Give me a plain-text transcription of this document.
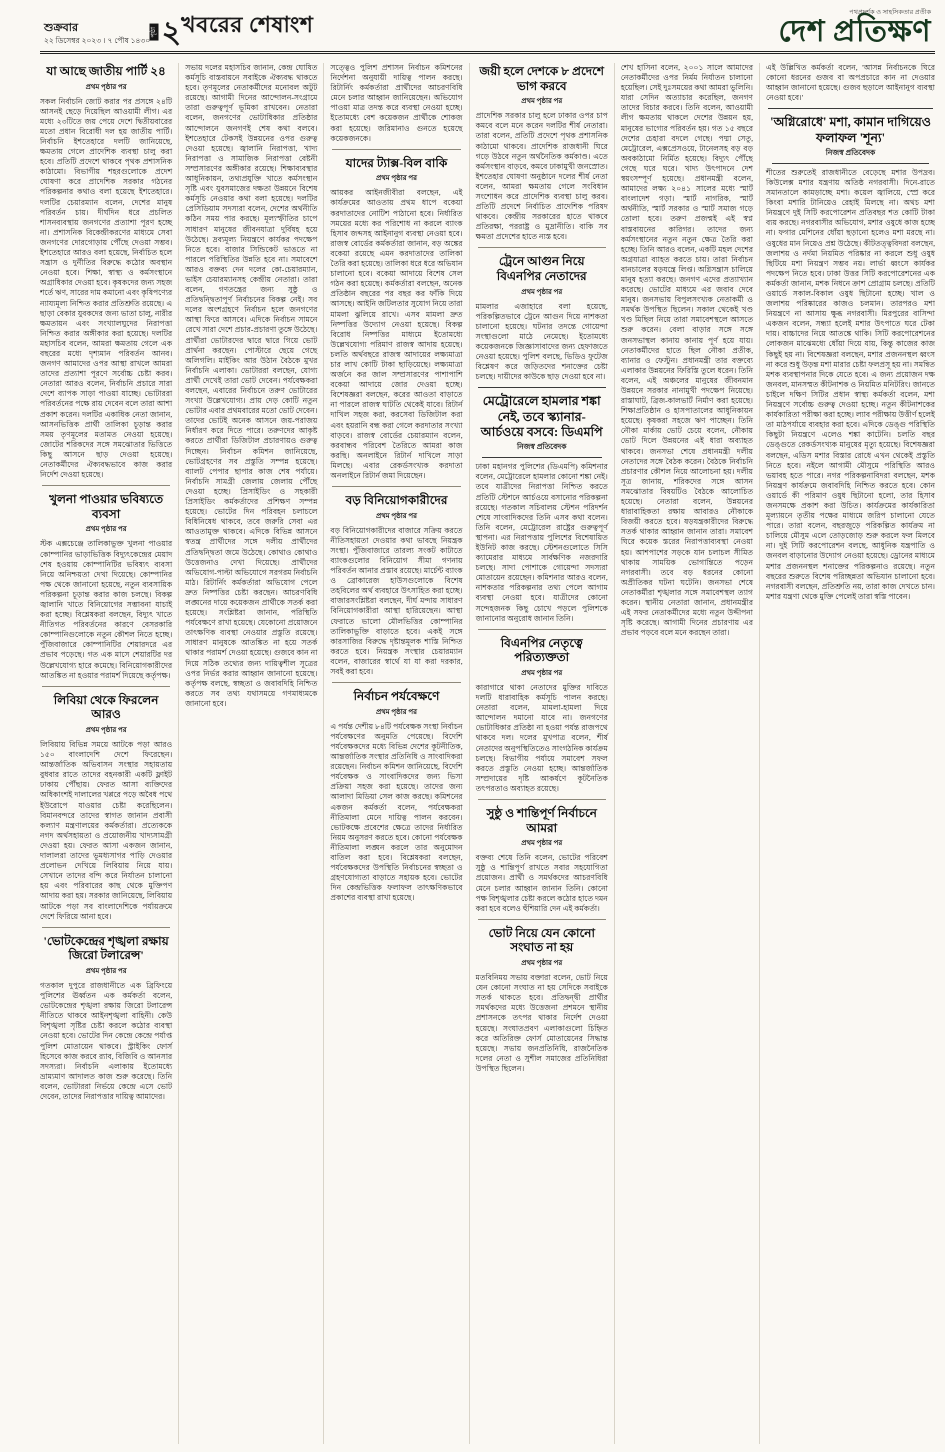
শুক্রবার
২২ ডিসেম্বর ২০২৩ । ৭ পৌষ ১৪৩০
পৃষ্ঠা ২ খবরের শেষাংশ	পথপ্রদর্শক ও সাহসিকতার প্রতীক
দেশ প্রতিক্ষণ
যা আছে জাতীয় পার্টি ২৪
প্রথম পৃষ্ঠার পর
সকল নির্বাচনি জোট করার পর প্রসঙ্গে ২৪টি আসনই ছেড়ে দিয়েছিল আওয়ামী লীগ। এর মধ্যে ২৩টিতে জয় পেয়ে দেশে দ্বিতীয়বারের মতো প্রধান বিরোধী দল হয় জাতীয় পার্টি। নির্বাচনি ইশতেহারে দলটি জানিয়েছে, ক্ষমতায় গেলে প্রাদেশিক ব্যবস্থা চালু করা হবে। প্রতিটি প্রদেশে থাকবে পৃথক প্রশাসনিক কাঠামো। বিভাগীয় শহরগুলোকে প্রদেশ ঘোষণা করে প্রাদেশিক সরকার গঠনের পরিকল্পনার কথাও বলা হয়েছে ইশতেহারে। দলটির চেয়ারম্যান বলেন, দেশের মানুষ পরিবর্তন চায়। দীর্ঘদিন ধরে প্রচলিত শাসনব্যবস্থায় জনগণের প্রত্যাশা পূরণ হচ্ছে না। প্রশাসনিক বিকেন্দ্রীকরণের মাধ্যমে সেবা জনগণের দোরগোড়ায় পৌঁছে দেওয়া সম্ভব। ইশতেহারে আরও বলা হয়েছে, নির্বাচিত হলে সন্ত্রাস ও দুর্নীতির বিরুদ্ধে কঠোর অবস্থান নেওয়া হবে। শিক্ষা, স্বাস্থ্য ও কর্মসংস্থানে অগ্রাধিকার দেওয়া হবে। কৃষকদের জন্য সহজ শর্তে ঋণ, সারের দাম কমানো এবং কৃষিপণ্যের ন্যায্যমূল্য নিশ্চিত করার প্রতিশ্রুতি রয়েছে। এ ছাড়া বেকার যুবকদের জন্য ভাতা চালু, নারীর ক্ষমতায়ন এবং সংখ্যালঘুদের নিরাপত্তা নিশ্চিত করার অঙ্গীকার করা হয়েছে। দলটির মহাসচিব বলেন, আমরা ক্ষমতায় গেলে এক বছরের মধ্যে দৃশ্যমান পরিবর্তন আনব। জনগণ আমাদের ওপর আস্থা রাখলে আমরা তাদের প্রত্যাশা পূরণে সর্বোচ্চ চেষ্টা করব। নেতারা আরও বলেন, নির্বাচনি প্রচারে সারা দেশে ব্যাপক সাড়া পাওয়া যাচ্ছে। ভোটাররা পরিবর্তনের পক্ষে রায় দেবেন বলে তারা আশা প্রকাশ করেন। দলটির একাধিক নেতা জানান, আসনভিত্তিক প্রার্থী তালিকা চূড়ান্ত করার সময় তৃণমূলের মতামত নেওয়া হয়েছে। জোটের শরিকদের সঙ্গে সমঝোতার ভিত্তিতে কিছু আসনে ছাড় দেওয়া হয়েছে। নেতাকর্মীদের ঐক্যবদ্ধভাবে কাজ করার নির্দেশ দেওয়া হয়েছে।
খুলনা পাওয়ার ভবিষ্যতে ব্যবসা
প্রথম পৃষ্ঠার পর
স্টক এক্সচেঞ্জে তালিকাভুক্ত খুলনা পাওয়ার কোম্পানির ভাড়াভিত্তিক বিদ্যুৎকেন্দ্রের মেয়াদ শেষ হওয়ায় কোম্পানিটির ভবিষ্যৎ ব্যবসা নিয়ে অনিশ্চয়তা দেখা দিয়েছে। কোম্পানির পক্ষ থেকে জানানো হয়েছে, নতুন ব্যবসায়িক পরিকল্পনা চূড়ান্ত করার কাজ চলছে। বিকল্প জ্বালানি খাতে বিনিয়োগের সম্ভাবনা যাচাই করা হচ্ছে। বিশ্লেষকরা বলছেন, বিদ্যুৎ খাতে নীতিগত পরিবর্তনের কারণে বেসরকারি কোম্পানিগুলোকে নতুন কৌশল নিতে হচ্ছে। পুঁজিবাজারে কোম্পানিটির শেয়ারদরে এর প্রভাব পড়েছে। গত এক মাসে শেয়ারটির দর উল্লেখযোগ্য হারে কমেছে। বিনিয়োগকারীদের আতঙ্কিত না হওয়ার পরামর্শ দিয়েছে কর্তৃপক্ষ।
লিবিয়া থেকে ফিরলেন আরও
প্রথম পৃষ্ঠার পর
লিবিয়ায় বিভিন্ন সময়ে আটকে পড়া আরও ১৫০ বাংলাদেশি দেশে ফিরেছেন। আন্তর্জাতিক অভিবাসন সংস্থার সহায়তায় বুধবার রাতে তাদের বহনকারী একটি ফ্লাইট ঢাকায় পৌঁছায়। ফেরত আসা ব্যক্তিদের অধিকাংশই দালালের খপ্পরে পড়ে অবৈধ পথে ইউরোপে যাওয়ার চেষ্টা করেছিলেন। বিমানবন্দরে তাদের স্বাগত জানান প্রবাসী কল্যাণ মন্ত্রণালয়ের কর্মকর্তারা। প্রত্যেককে নগদ অর্থসহায়তা ও প্রয়োজনীয় খাদ্যসামগ্রী দেওয়া হয়। ফেরত আসা একজন জানান, দালালরা তাদের ভূমধ্যসাগর পাড়ি দেওয়ার প্রলোভন দেখিয়ে লিবিয়ায় নিয়ে যায়। সেখানে তাদের বন্দি করে নির্যাতন চালানো হয় এবং পরিবারের কাছ থেকে মুক্তিপণ আদায় করা হয়। সরকার জানিয়েছে, লিবিয়ায় আটকে পড়া সব বাংলাদেশিকে পর্যায়ক্রমে দেশে ফিরিয়ে আনা হবে।
'ভোটকেন্দ্রের শৃঙ্খলা রক্ষায় জিরো টলারেন্স'
প্রথম পৃষ্ঠার পর
গতকাল দুপুরে রাজধানীতে এক ব্রিফিংয়ে পুলিশের ঊর্ধ্বতন এক কর্মকর্তা বলেন, ভোটকেন্দ্রের শৃঙ্খলা রক্ষায় জিরো টলারেন্স নীতিতে থাকবে আইনশৃঙ্খলা বাহিনী। কেউ বিশৃঙ্খলা সৃষ্টির চেষ্টা করলে কঠোর ব্যবস্থা নেওয়া হবে। ভোটের দিন কেন্দ্রে কেন্দ্রে পর্যাপ্ত পুলিশ মোতায়েন থাকবে। স্ট্রাইকিং ফোর্স হিসেবে কাজ করবে র‍্যাব, বিজিবি ও আনসার সদস্যরা। নির্বাচনি এলাকায় ইতোমধ্যে ভ্রাম্যমাণ আদালত কাজ শুরু করেছে। তিনি বলেন, ভোটাররা নির্ভয়ে কেন্দ্রে এসে ভোট দেবেন, তাদের নিরাপত্তার দায়িত্ব আমাদের।
সভায় দলের মহাসচিব জানান, কেন্দ্র ঘোষিত কর্মসূচি বাস্তবায়নে সবাইকে ঐক্যবদ্ধ থাকতে হবে। তৃণমূলের নেতাকর্মীদের মনোবল অটুট রয়েছে। আগামী দিনের আন্দোলন-সংগ্রামে তারা গুরুত্বপূর্ণ ভূমিকা রাখবেন। নেতারা বলেন, জনগণের ভোটাধিকার প্রতিষ্ঠার আন্দোলনে জনগণই শেষ কথা বলবে। ইশতেহারে টেকসই উন্নয়নের ওপর গুরুত্ব দেওয়া হয়েছে। জ্বালানি নিরাপত্তা, খাদ্য নিরাপত্তা ও সামাজিক নিরাপত্তা বেষ্টনী সম্প্রসারণের অঙ্গীকার রয়েছে। শিক্ষাব্যবস্থার আধুনিকায়ন, তথ্যপ্রযুক্তি খাতে কর্মসংস্থান সৃষ্টি এবং যুবসমাজের দক্ষতা উন্নয়নে বিশেষ কর্মসূচি নেওয়ার কথা বলা হয়েছে। দলটির প্রেসিডিয়াম সদস্যরা বলেন, দেশের অর্থনীতি কঠিন সময় পার করছে। মূল্যস্ফীতির চাপে সাধারণ মানুষের জীবনযাত্রা দুর্বিষহ হয়ে উঠেছে। দ্রব্যমূল্য নিয়ন্ত্রণে কার্যকর পদক্ষেপ নিতে হবে। বাজার সিন্ডিকেট ভাঙতে না পারলে পরিস্থিতির উন্নতি হবে না। সমাবেশে আরও বক্তব্য দেন দলের কো-চেয়ারম্যান, ভাইস চেয়ারম্যানসহ কেন্দ্রীয় নেতারা। তারা বলেন, গণতন্ত্রের জন্য সুষ্ঠু ও প্রতিদ্বন্দ্বিতাপূর্ণ নির্বাচনের বিকল্প নেই। সব দলের অংশগ্রহণে নির্বাচন হলে জনগণের আস্থা ফিরে আসবে। এদিকে নির্বাচন সামনে রেখে সারা দেশে প্রচার-প্রচারণা তুঙ্গে উঠেছে। প্রার্থীরা ভোটারদের দ্বারে দ্বারে গিয়ে ভোট প্রার্থনা করছেন। পোস্টারে ছেয়ে গেছে অলিগলি। মাইকিং আর উঠান বৈঠকে মুখর নির্বাচনি এলাকা। ভোটাররা বলছেন, যোগ্য প্রার্থী দেখেই তারা ভোট দেবেন। পর্যবেক্ষকরা বলছেন, এবারের নির্বাচনে তরুণ ভোটারের সংখ্যা উল্লেখযোগ্য। প্রায় দেড় কোটি নতুন ভোটার এবার প্রথমবারের মতো ভোট দেবেন। তাদের ভোটই অনেক আসনে জয়-পরাজয় নির্ধারণ করে দিতে পারে। তরুণদের আকৃষ্ট করতে প্রার্থীরা ডিজিটাল প্রচারণায়ও গুরুত্ব দিচ্ছেন। নির্বাচন কমিশন জানিয়েছে, ভোটগ্রহণের সব প্রস্তুতি সম্পন্ন হয়েছে। ব্যালট পেপার ছাপার কাজ শেষ পর্যায়ে। নির্বাচনি সামগ্রী জেলায় জেলায় পৌঁছে দেওয়া হচ্ছে। প্রিসাইডিং ও সহকারী প্রিসাইডিং কর্মকর্তাদের প্রশিক্ষণ সম্পন্ন হয়েছে। ভোটের দিন পরিবহন চলাচলে বিধিনিষেধ থাকবে, তবে জরুরি সেবা এর আওতামুক্ত থাকবে। এদিকে বিভিন্ন আসনে স্বতন্ত্র প্রার্থীদের সঙ্গে দলীয় প্রার্থীদের প্রতিদ্বন্দ্বিতা জমে উঠেছে। কোথাও কোথাও উত্তেজনাও দেখা দিয়েছে। প্রার্থীদের অভিযোগ-পাল্টা অভিযোগে সরগরম নির্বাচনি মাঠ। রিটার্নিং কর্মকর্তারা অভিযোগ পেলে দ্রুত নিষ্পত্তির চেষ্টা করছেন। আচরণবিধি লঙ্ঘনের দায়ে কয়েকজন প্রার্থীকে সতর্ক করা হয়েছে। সংশ্লিষ্টরা জানান, পরিস্থিতি পর্যবেক্ষণে রাখা হয়েছে। যেকোনো প্রয়োজনে তাৎক্ষণিক ব্যবস্থা নেওয়ার প্রস্তুতি রয়েছে। সাধারণ মানুষকে আতঙ্কিত না হয়ে সতর্ক থাকার পরামর্শ দেওয়া হয়েছে। গুজবে কান না দিয়ে সঠিক তথ্যের জন্য দায়িত্বশীল সূত্রের ওপর নির্ভর করার আহ্বান জানানো হয়েছে। কর্তৃপক্ষ বলছে, স্বচ্ছতা ও জবাবদিহি নিশ্চিত করতে সব তথ্য যথাসময়ে গণমাধ্যমকে জানানো হবে।
সত্ত্বেও পুলিশ প্রশাসন নির্বাচন কমিশনের নির্দেশনা অনুযায়ী দায়িত্ব পালন করছে। রিটার্নিং কর্মকর্তারা প্রার্থীদের আচরণবিধি মেনে চলার আহ্বান জানিয়েছেন। অভিযোগ পাওয়া মাত্র তদন্ত করে ব্যবস্থা নেওয়া হচ্ছে। ইতোমধ্যে বেশ কয়েকজন প্রার্থীকে শোকজ করা হয়েছে। জরিমানাও গুনতে হয়েছে কয়েকজনকে।
যাদের ট্যাক্স-বিল বাকি
প্রথম পৃষ্ঠার পর
আয়কর আইনজীবীরা বলছেন, এই কার্যক্রমের আওতায় প্রথম ধাপে বকেয়া করদাতাদের নোটিশ পাঠানো হবে। নির্ধারিত সময়ের মধ্যে কর পরিশোধ না করলে ব্যাংক হিসাব জব্দসহ আইনানুগ ব্যবস্থা নেওয়া হবে। রাজস্ব বোর্ডের কর্মকর্তারা জানান, বড় অঙ্কের বকেয়া রয়েছে এমন করদাতাদের তালিকা তৈরি করা হয়েছে। তালিকা ধরে ধরে অভিযান চালানো হবে। বকেয়া আদায়ে বিশেষ সেল গঠন করা হয়েছে। কর্মকর্তারা বলছেন, অনেক প্রতিষ্ঠান বছরের পর বছর কর ফাঁকি দিয়ে আসছে। আইনি জটিলতার সুযোগ নিয়ে তারা মামলা ঝুলিয়ে রাখে। এসব মামলা দ্রুত নিষ্পত্তির উদ্যোগ নেওয়া হয়েছে। বিকল্প বিরোধ নিষ্পত্তির মাধ্যমে ইতোমধ্যে উল্লেখযোগ্য পরিমাণ রাজস্ব আদায় হয়েছে। চলতি অর্থবছরে রাজস্ব আদায়ের লক্ষ্যমাত্রা চার লাখ কোটি টাকা ছাড়িয়েছে। লক্ষ্যমাত্রা অর্জনে কর জাল সম্প্রসারণের পাশাপাশি বকেয়া আদায়ে জোর দেওয়া হচ্ছে। বিশেষজ্ঞরা বলছেন, করের আওতা বাড়াতে না পারলে রাজস্ব ঘাটতি থেকেই যাবে। রিটার্ন দাখিল সহজ করা, করসেবা ডিজিটাল করা এবং হয়রানি বন্ধ করা গেলে করদাতার সংখ্যা বাড়বে। রাজস্ব বোর্ডের চেয়ারম্যান বলেন, করবান্ধব পরিবেশ তৈরিতে আমরা কাজ করছি। অনলাইনে রিটার্ন দাখিলে সাড়া মিলছে। এবার রেকর্ডসংখ্যক করদাতা অনলাইনে রিটার্ন জমা দিয়েছেন।
বড় বিনিয়োগকারীদের
প্রথম পৃষ্ঠার পর
বড় বিনিয়োগকারীদের বাজারে সক্রিয় করতে নীতিসহায়তা দেওয়ার কথা ভাবছে নিয়ন্ত্রক সংস্থা। পুঁজিবাজারে তারল্য সংকট কাটাতে ব্যাংকগুলোর বিনিয়োগ সীমা গণনায় পরিবর্তন আনার প্রস্তাব রয়েছে। মার্চেন্ট ব্যাংক ও ব্রোকারেজ হাউসগুলোকে বিশেষ তহবিলের অর্থ ব্যবহারে উৎসাহিত করা হচ্ছে। বাজারসংশ্লিষ্টরা বলছেন, দীর্ঘ মন্দায় সাধারণ বিনিয়োগকারীরা আস্থা হারিয়েছেন। আস্থা ফেরাতে ভালো মৌলভিত্তির কোম্পানির তালিকাভুক্তি বাড়াতে হবে। একই সঙ্গে কারসাজির বিরুদ্ধে দৃষ্টান্তমূলক শাস্তি নিশ্চিত করতে হবে। নিয়ন্ত্রক সংস্থার চেয়ারম্যান বলেন, বাজারের স্বার্থে যা যা করা দরকার, সবই করা হবে।
নির্বাচন পর্যবেক্ষণে
প্রথম পৃষ্ঠার পর
এ পর্যন্ত দেশীয় ৮৪টি পর্যবেক্ষক সংস্থা নির্বাচন পর্যবেক্ষণের অনুমতি পেয়েছে। বিদেশি পর্যবেক্ষকদের মধ্যে বিভিন্ন দেশের কূটনীতিক, আন্তর্জাতিক সংস্থার প্রতিনিধি ও সাংবাদিকরা রয়েছেন। নির্বাচন কমিশন জানিয়েছে, বিদেশি পর্যবেক্ষক ও সাংবাদিকদের জন্য ভিসা প্রক্রিয়া সহজ করা হয়েছে। তাদের জন্য আলাদা মিডিয়া সেল কাজ করছে। কমিশনের একজন কর্মকর্তা বলেন, পর্যবেক্ষকরা নীতিমালা মেনে দায়িত্ব পালন করবেন। ভোটকক্ষে প্রবেশের ক্ষেত্রে তাদের নির্ধারিত নিয়ম অনুসরণ করতে হবে। কোনো পর্যবেক্ষক নীতিমালা লঙ্ঘন করলে তার অনুমোদন বাতিল করা হবে। বিশ্লেষকরা বলছেন, পর্যবেক্ষকদের উপস্থিতি নির্বাচনের স্বচ্ছতা ও গ্রহণযোগ্যতা বাড়াতে সহায়ক হবে। ভোটের দিন কেন্দ্রভিত্তিক ফলাফল তাৎক্ষণিকভাবে প্রকাশের ব্যবস্থা রাখা হয়েছে।
জয়ী হলে দেশকে ৮ প্রদেশে ভাগ করবে
প্রথম পৃষ্ঠার পর
প্রাদেশিক সরকার চালু হলে ঢাকার ওপর চাপ কমবে বলে মনে করেন দলটির শীর্ষ নেতারা। তারা বলেন, প্রতিটি প্রদেশে পৃথক প্রশাসনিক কাঠামো থাকবে। প্রাদেশিক রাজধানী ঘিরে গড়ে উঠবে নতুন অর্থনৈতিক কর্মকাণ্ড। এতে কর্মসংস্থান বাড়বে, কমবে ঢাকামুখী জনস্রোত। ইশতেহার ঘোষণা অনুষ্ঠানে দলের শীর্ষ নেতা বলেন, আমরা ক্ষমতায় গেলে সংবিধান সংশোধন করে প্রাদেশিক ব্যবস্থা চালু করব। প্রতিটি প্রদেশে নির্বাচিত প্রাদেশিক পরিষদ থাকবে। কেন্দ্রীয় সরকারের হাতে থাকবে প্রতিরক্ষা, পররাষ্ট্র ও মুদ্রানীতি। বাকি সব ক্ষমতা প্রদেশের হাতে ন্যস্ত হবে।
ট্রেনে আগুন নিয়ে বিএনপির নেতাদের
প্রথম পৃষ্ঠার পর
মামলার এজাহারে বলা হয়েছে, পরিকল্পিতভাবে ট্রেনে আগুন দিয়ে নাশকতা চালানো হয়েছে। ঘটনার তদন্তে গোয়েন্দা সংস্থাগুলো মাঠে নেমেছে। ইতোমধ্যে কয়েকজনকে জিজ্ঞাসাবাদের জন্য হেফাজতে নেওয়া হয়েছে। পুলিশ বলছে, ভিডিও ফুটেজ বিশ্লেষণ করে জড়িতদের শনাক্তের চেষ্টা চলছে। দায়ীদের কাউকে ছাড় দেওয়া হবে না।
মেট্রোরেলে হামলার শঙ্কা নেই, তবে স্ক্যানার-আর্চওয়ে বসবে: ডিএমপি
নিজস্ব প্রতিবেদক
ঢাকা মহানগর পুলিশের (ডিএমপি) কমিশনার বলেন, মেট্রোরেলে হামলার কোনো শঙ্কা নেই। তবে যাত্রীদের নিরাপত্তা নিশ্চিত করতে প্রতিটি স্টেশনে আর্চওয়ে বসানোর পরিকল্পনা রয়েছে। গতকাল সচিবালয় স্টেশন পরিদর্শন শেষে সাংবাদিকদের তিনি এসব কথা বলেন। তিনি বলেন, মেট্রোরেল রাষ্ট্রের গুরুত্বপূর্ণ স্থাপনা। এর নিরাপত্তায় পুলিশের বিশেষায়িত ইউনিট কাজ করছে। স্টেশনগুলোতে সিসি ক্যামেরার মাধ্যমে সার্বক্ষণিক নজরদারি চলছে। সাদা পোশাকে গোয়েন্দা সদস্যরা মোতায়েন রয়েছেন। কমিশনার আরও বলেন, নাশকতার পরিকল্পনার তথ্য পেলে আগাম ব্যবস্থা নেওয়া হবে। যাত্রীদের কোনো সন্দেহজনক কিছু চোখে পড়লে পুলিশকে জানানোর অনুরোধ জানান তিনি।
বিএনপির নেতৃত্বে পরিত্যক্ততা
প্রথম পৃষ্ঠার পর
কারাগারে থাকা নেতাদের মুক্তির দাবিতে দলটি ধারাবাহিক কর্মসূচি পালন করছে। নেতারা বলেন, মামলা-হামলা দিয়ে আন্দোলন দমানো যাবে না। জনগণের ভোটাধিকার প্রতিষ্ঠা না হওয়া পর্যন্ত রাজপথে থাকবে দল। দলের মুখপাত্র বলেন, শীর্ষ নেতাদের অনুপস্থিতিতেও সাংগঠনিক কার্যক্রম চলছে। বিভাগীয় পর্যায়ে সমাবেশ সফল করতে প্রস্তুতি নেওয়া হচ্ছে। আন্তর্জাতিক সম্প্রদায়ের দৃষ্টি আকর্ষণে কূটনৈতিক তৎপরতাও অব্যাহত রয়েছে।
সুষ্ঠু ও শান্তিপূর্ণ নির্বাচনে আমরা
প্রথম পৃষ্ঠার পর
বক্তব্য শেষে তিনি বলেন, ভোটের পরিবেশ সুষ্ঠু ও শান্তিপূর্ণ রাখতে সবার সহযোগিতা প্রয়োজন। প্রার্থী ও সমর্থকদের আচরণবিধি মেনে চলার আহ্বান জানান তিনি। কোনো পক্ষ বিশৃঙ্খলার চেষ্টা করলে কঠোর হাতে দমন করা হবে বলেও হুঁশিয়ারি দেন এই কর্মকর্তা।
ভোট নিয়ে যেন কোনো সংঘাত না হয়
প্রথম পৃষ্ঠার পর
মতবিনিময় সভায় বক্তারা বলেন, ভোট নিয়ে যেন কোনো সংঘাত না হয় সেদিকে সবাইকে সতর্ক থাকতে হবে। প্রতিদ্বন্দ্বী প্রার্থীর সমর্থকদের মধ্যে উত্তেজনা প্রশমনে স্থানীয় প্রশাসনকে তৎপর থাকার নির্দেশ দেওয়া হয়েছে। সংঘাতপ্রবণ এলাকাগুলো চিহ্নিত করে অতিরিক্ত ফোর্স মোতায়েনের সিদ্ধান্ত হয়েছে। সভায় জনপ্রতিনিধি, রাজনৈতিক দলের নেতা ও সুশীল সমাজের প্রতিনিধিরা উপস্থিত ছিলেন।
শেখ হাসিনা বলেন, ২০০১ সালে আমাদের নেতাকর্মীদের ওপর নির্মম নির্যাতন চালানো হয়েছিল। সেই দুঃসময়ের কথা আমরা ভুলিনি। যারা সেদিন অত্যাচার করেছিল, জনগণ তাদের বিচার করবে। তিনি বলেন, আওয়ামী লীগ ক্ষমতায় থাকলে দেশের উন্নয়ন হয়, মানুষের ভাগ্যের পরিবর্তন হয়। গত ১৫ বছরে দেশের চেহারা বদলে গেছে। পদ্মা সেতু, মেট্রোরেল, এক্সপ্রেসওয়ে, টানেলসহ বড় বড় অবকাঠামো নির্মিত হয়েছে। বিদ্যুৎ পৌঁছে গেছে ঘরে ঘরে। খাদ্য উৎপাদনে দেশ স্বয়ংসম্পূর্ণ হয়েছে। প্রধানমন্ত্রী বলেন, আমাদের লক্ষ্য ২০৪১ সালের মধ্যে স্মার্ট বাংলাদেশ গড়া। স্মার্ট নাগরিক, স্মার্ট অর্থনীতি, স্মার্ট সরকার ও স্মার্ট সমাজ গড়ে তোলা হবে। তরুণ প্রজন্মই এই স্বপ্ন বাস্তবায়নের কারিগর। তাদের জন্য কর্মসংস্থানের নতুন নতুন ক্ষেত্র তৈরি করা হচ্ছে। তিনি আরও বলেন, একটি মহল দেশের অগ্রযাত্রা ব্যাহত করতে চায়। তারা নির্বাচন বানচালের ষড়যন্ত্রে লিপ্ত। অগ্নিসন্ত্রাস চালিয়ে মানুষ হত্যা করছে। জনগণ এদের প্রত্যাখ্যান করেছে। ভোটের মাধ্যমে এর জবাব দেবে মানুষ। জনসভায় বিপুলসংখ্যক নেতাকর্মী ও সমর্থক উপস্থিত ছিলেন। সকাল থেকেই খণ্ড খণ্ড মিছিল নিয়ে তারা সমাবেশস্থলে আসতে শুরু করেন। বেলা বাড়ার সঙ্গে সঙ্গে জনসভাস্থল কানায় কানায় পূর্ণ হয়ে যায়। নেতাকর্মীদের হাতে ছিল নৌকা প্রতীক, ব্যানার ও ফেস্টুন। প্রধানমন্ত্রী তার বক্তব্যে এলাকার উন্নয়নের ফিরিস্তি তুলে ধরেন। তিনি বলেন, এই অঞ্চলের মানুষের জীবনমান উন্নয়নে সরকার নানামুখী পদক্ষেপ নিয়েছে। রাস্তাঘাট, ব্রিজ-কালভার্ট নির্মাণ করা হয়েছে। শিক্ষাপ্রতিষ্ঠান ও হাসপাতালের আধুনিকায়ন হয়েছে। কৃষকরা সহজে ঋণ পাচ্ছেন। তিনি নৌকা মার্কায় ভোট চেয়ে বলেন, নৌকায় ভোট দিলে উন্নয়নের এই ধারা অব্যাহত থাকবে। জনসভা শেষে প্রধানমন্ত্রী দলীয় নেতাদের সঙ্গে বৈঠক করেন। বৈঠকে নির্বাচনি প্রচারণার কৌশল নিয়ে আলোচনা হয়। দলীয় সূত্র জানায়, শরিকদের সঙ্গে আসন সমঝোতার বিষয়টিও বৈঠকে আলোচিত হয়েছে। নেতারা বলেন, উন্নয়নের ধারাবাহিকতা রক্ষায় আবারও নৌকাকে বিজয়ী করতে হবে। ষড়যন্ত্রকারীদের বিরুদ্ধে সতর্ক থাকার আহ্বান জানান তারা। সমাবেশ ঘিরে কয়েক স্তরের নিরাপত্তাব্যবস্থা নেওয়া হয়। আশপাশের সড়কে যান চলাচল সীমিত থাকায় সাময়িক ভোগান্তিতে পড়েন নগরবাসী। তবে বড় ধরনের কোনো অপ্রীতিকর ঘটনা ঘটেনি। জনসভা শেষে নেতাকর্মীরা শৃঙ্খলার সঙ্গে সমাবেশস্থল ত্যাগ করেন। স্থানীয় নেতারা জানান, প্রধানমন্ত্রীর এই সফর নেতাকর্মীদের মধ্যে নতুন উদ্দীপনা সৃষ্টি করেছে। আগামী দিনের প্রচারণায় এর প্রভাব পড়বে বলে মনে করছেন তারা।
এই উল্লিখিত কর্মকর্তা বলেন, 'আসন্ন নির্বাচনকে ঘিরে কোনো ধরনের গুজব বা অপপ্রচারে কান না দেওয়ার আহ্বান জানানো হয়েছে। গুজব ছড়ালে আইনানুগ ব্যবস্থা নেওয়া হবে।'
'অগ্নিরোধে' মশা, কামান দাগিয়েও ফলাফল 'শূন্য'
নিজস্ব প্রতিবেদক
শীতের শুরুতেই রাজধানীতে বেড়েছে মশার উপদ্রব। কিউলেক্স মশার যন্ত্রণায় অতিষ্ঠ নগরবাসী। দিনে-রাতে সমানতালে কামড়াচ্ছে মশা। কয়েল জ্বালিয়ে, স্প্রে করে কিংবা মশারি টানিয়েও রেহাই মিলছে না। অথচ মশা নিয়ন্ত্রণে দুই সিটি করপোরেশন প্রতিবছর শত কোটি টাকা ব্যয় করছে। নগরবাসীর অভিযোগ, মশার ওষুধে কাজ হচ্ছে না। ফগার মেশিনের ধোঁয়া ছড়ানো হলেও মশা মরছে না। ওষুধের মান নিয়েও প্রশ্ন উঠেছে। কীটতত্ত্ববিদরা বলছেন, জলাশয় ও নর্দমা নিয়মিত পরিষ্কার না করলে শুধু ওষুধ ছিটিয়ে মশা নিয়ন্ত্রণ সম্ভব নয়। লার্ভা ধ্বংসে কার্যকর পদক্ষেপ নিতে হবে। ঢাকা উত্তর সিটি করপোরেশনের এক কর্মকর্তা জানান, মশক নিধনে ক্রাশ প্রোগ্রাম চলছে। প্রতিটি ওয়ার্ডে সকাল-বিকাল ওষুধ ছিটানো হচ্ছে। খাল ও জলাশয় পরিষ্কারের কাজও চলমান। তারপরও মশা নিয়ন্ত্রণে না আসায় ক্ষুব্ধ নগরবাসী। মিরপুরের বাসিন্দা একজন বলেন, সন্ধ্যা হলেই মশার উৎপাতে ঘরে টেকা দায়। বাচ্চাদের নিয়ে আতঙ্কে থাকি। সিটি করপোরেশনের লোকজন মাঝেমধ্যে ধোঁয়া দিয়ে যায়, কিন্তু কাজের কাজ কিছুই হয় না। বিশেষজ্ঞরা বলছেন, মশার প্রজননস্থল ধ্বংস না করে শুধু উড়ন্ত মশা মারার চেষ্টা ফলপ্রসূ হয় না। সমন্বিত মশক ব্যবস্থাপনার দিকে যেতে হবে। এ জন্য প্রয়োজন দক্ষ জনবল, মানসম্মত কীটনাশক ও নিয়মিত মনিটরিং। জানতে চাইলে দক্ষিণ সিটির প্রধান স্বাস্থ্য কর্মকর্তা বলেন, মশা নিয়ন্ত্রণে সর্বোচ্চ গুরুত্ব দেওয়া হচ্ছে। নতুন কীটনাশকের কার্যকারিতা পরীক্ষা করা হচ্ছে। ল্যাব পরীক্ষায় উত্তীর্ণ হলেই তা মাঠপর্যায়ে ব্যবহার করা হবে। এদিকে ডেঙ্গু পরিস্থিতি কিছুটা নিয়ন্ত্রণে এলেও শঙ্কা কাটেনি। চলতি বছর ডেঙ্গুতে রেকর্ডসংখ্যক মানুষের মৃত্যু হয়েছে। বিশেষজ্ঞরা বলছেন, এডিস মশার বিস্তার রোধে এখন থেকেই প্রস্তুতি নিতে হবে। নইলে আগামী মৌসুমে পরিস্থিতি আরও ভয়াবহ হতে পারে। নগর পরিকল্পনাবিদরা বলছেন, মশক নিয়ন্ত্রণ কার্যক্রমে জবাবদিহি নিশ্চিত করতে হবে। কোন ওয়ার্ডে কী পরিমাণ ওষুধ ছিটানো হলো, তার হিসাব জনসমক্ষে প্রকাশ করা উচিত। কার্যক্রমের কার্যকারিতা মূল্যায়নে তৃতীয় পক্ষের মাধ্যমে জরিপ চালানো যেতে পারে। তারা বলেন, বছরজুড়ে পরিকল্পিত কার্যক্রম না চালিয়ে মৌসুম এলে তোড়জোড় শুরু করলে ফল মিলবে না। দুই সিটি করপোরেশন বলছে, আধুনিক যন্ত্রপাতি ও জনবল বাড়ানোর উদ্যোগ নেওয়া হয়েছে। ড্রোনের মাধ্যমে মশার প্রজননস্থল শনাক্তের পরিকল্পনাও রয়েছে। নতুন বছরের শুরুতে বিশেষ পরিচ্ছন্নতা অভিযান চালানো হবে। নগরবাসী বলছেন, প্রতিশ্রুতি নয়, তারা কাজ দেখতে চান। মশার যন্ত্রণা থেকে মুক্তি পেলেই তারা স্বস্তি পাবেন।
